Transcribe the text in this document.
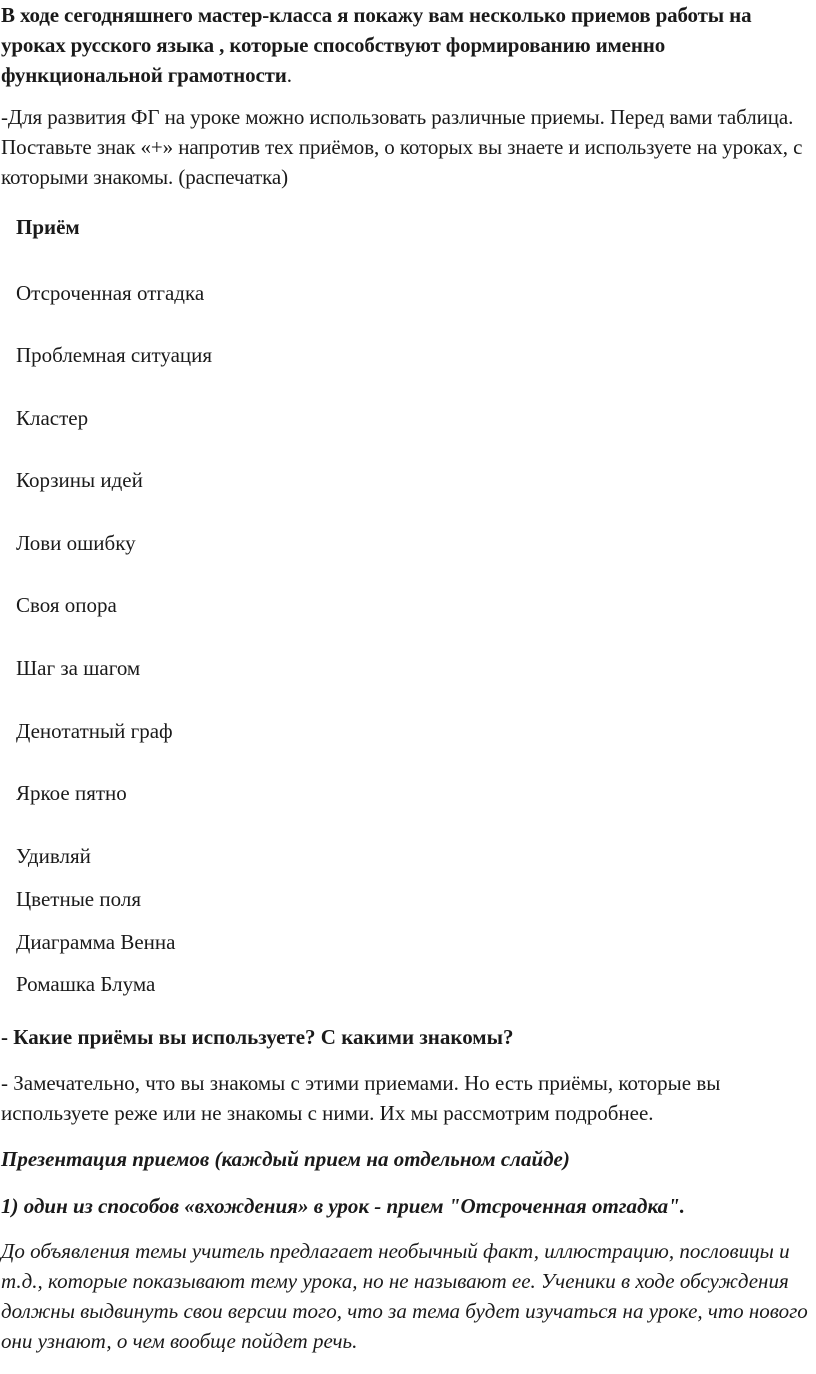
В ходе сегодняшнего мастер-класса я покажу вам несколько приемов работы на уроках русского языка , которые способствуют формированию именно функциональной грамотности.

-Для развития ФГ на уроке можно использовать различные приемы. Перед вами таблица. Поставьте знак «+» напротив тех приёмов, о которых вы знаете и используете на уроках, с которыми знакомы. (распечатка)

Приём
Отсроченная отгадка
Проблемная ситуация
Кластер
Корзины идей
Лови ошибку
Своя опора
Шаг за шагом
Денотатный граф
Яркое пятно
Удивляй
Цветные поля
Диаграмма Венна
Ромашка Блума

- Какие приёмы вы используете? С какими знакомы?

- Замечательно, что вы знакомы с этими приемами. Но есть приёмы, которые вы используете реже или не знакомы с ними. Их мы рассмотрим подробнее.

Презентация приемов (каждый прием на отдельном слайде)

1) один из способов «вхождения» в урок - прием "Отсроченная отгадка".

До объявления темы учитель предлагает необычный факт, иллюстрацию, пословицы и т.д., которые показывают тему урока, но не называют ее. Ученики в ходе обсуждения должны выдвинуть свои версии того, что за тема будет изучаться на уроке, что нового они узнают, о чем вообще пойдет речь.
